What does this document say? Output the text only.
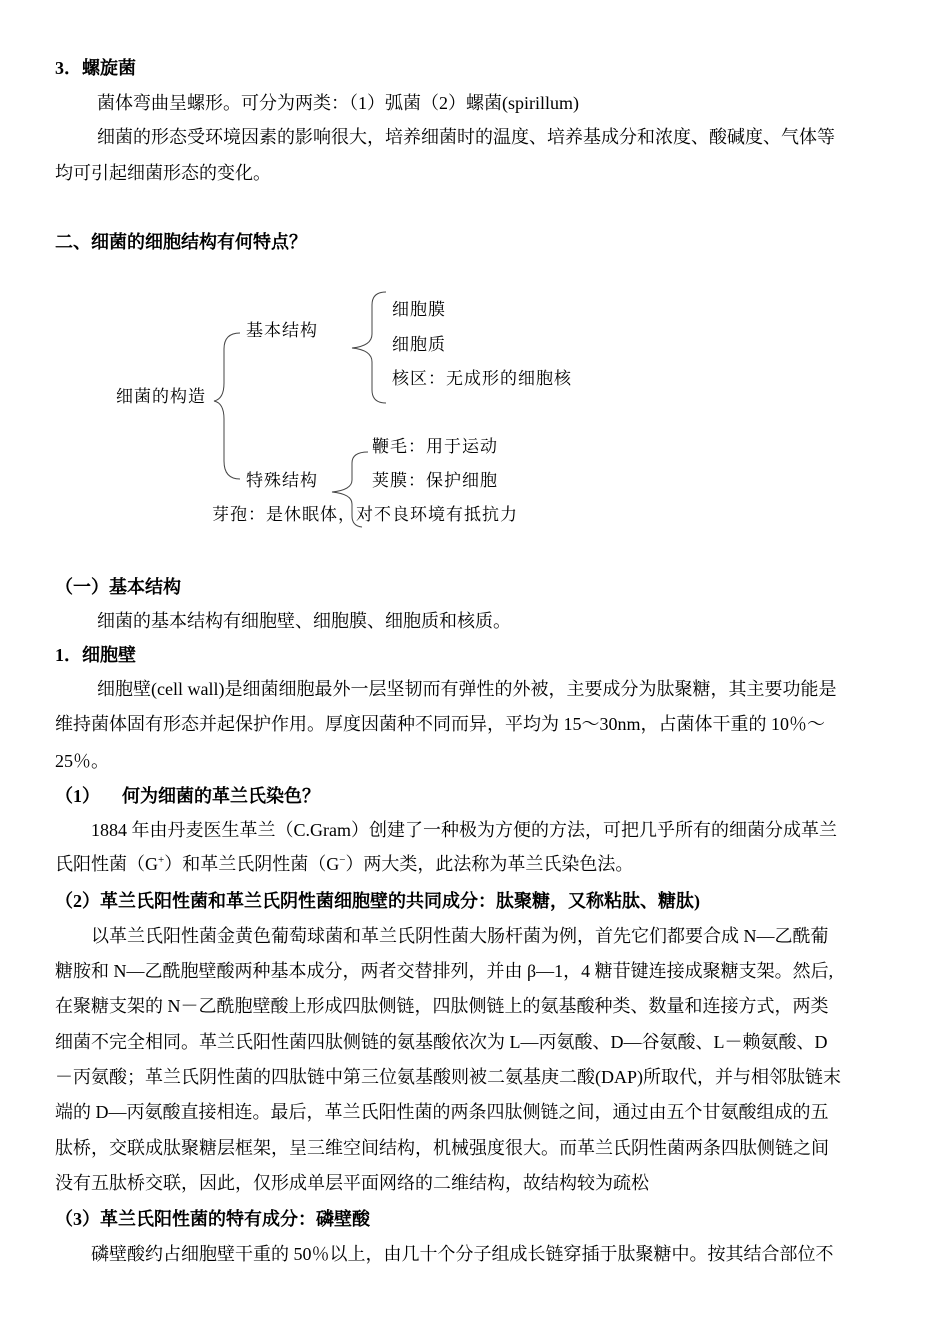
3．螺旋菌
菌体弯曲呈螺形。可分为两类：（1）弧菌（2）螺菌(spirillum)
细菌的形态受环境因素的影响很大，培养细菌时的温度、培养基成分和浓度、酸碱度、气体等
均可引起细菌形态的变化。
二、细菌的细胞结构有何特点？
细菌的构造
基本结构
细胞膜
细胞质
核区：无成形的细胞核
特殊结构
鞭毛：用于运动
荚膜：保护细胞
芽孢：是休眠体，对不良环境有抵抗力
（一）基本结构
细菌的基本结构有细胞壁、细胞膜、细胞质和核质。
1．细胞壁
细胞壁(cell wall)是细菌细胞最外一层坚韧而有弹性的外被，主要成分为肽聚糖，其主要功能是
维持菌体固有形态并起保护作用。厚度因菌种不同而异，平均为 15～30nm，占菌体干重的 10％～
25％。
（1） 何为细菌的革兰氏染色？
1884 年由丹麦医生革兰（C.Gram）创建了一种极为方便的方法，可把几乎所有的细菌分成革兰
氏阳性菌（G+）和革兰氏阴性菌（G−）两大类，此法称为革兰氏染色法。
（2）革兰氏阳性菌和革兰氏阴性菌细胞壁的共同成分：肽聚糖，又称粘肽、糖肽)
以革兰氏阳性菌金黄色葡萄球菌和革兰氏阴性菌大肠杆菌为例，首先它们都要合成 N—乙酰葡
糖胺和 N—乙酰胞壁酸两种基本成分，两者交替排列，并由 β—1，4 糖苷键连接成聚糖支架。然后,
在聚糖支架的 N－乙酰胞壁酸上形成四肽侧链，四肽侧链上的氨基酸种类、数量和连接方式，两类
细菌不完全相同。革兰氏阳性菌四肽侧链的氨基酸依次为 L—丙氨酸、D—谷氨酸、L－赖氨酸、D
－丙氨酸；革兰氏阴性菌的四肽链中第三位氨基酸则被二氨基庚二酸(DAP)所取代，并与相邻肽链末
端的 D—丙氨酸直接相连。最后，革兰氏阳性菌的两条四肽侧链之间，通过由五个甘氨酸组成的五
肽桥，交联成肽聚糖层框架，呈三维空间结构，机械强度很大。而革兰氏阴性菌两条四肽侧链之间
没有五肽桥交联，因此，仅形成单层平面网络的二维结构，故结构较为疏松
（3）革兰氏阳性菌的特有成分：磷壁酸
磷壁酸约占细胞壁干重的 50％以上，由几十个分子组成长链穿插于肽聚糖中。按其结合部位不
